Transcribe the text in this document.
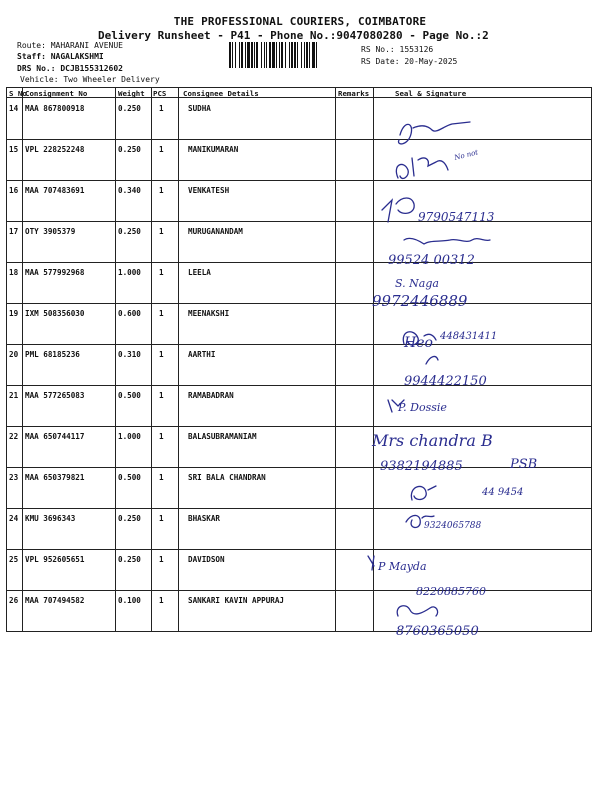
THE PROFESSIONAL COURIERS, COIMBATORE
Delivery Runsheet - P41 - Phone No.:9047080280 - Page No.:2
Route: MAHARANI AVENUE
Staff: NAGALAKSHMI
DRS No.: DCJB155312602
Vehicle: Two Wheeler Delivery
RS No.: 1553126
RS Date: 20-May-2025
S No
Consignment No	Weight PCS Consignee Details	Remarks	Seal & Signature
14 MAA 867800918	0.250 1	SUDHA
15 VPL 228252248	0.250 1	MANIKUMARAN
16 MAA 707483691	0.340 1	VENKATESH
17 OTY 3905379	0.250 1	MURUGANANDAM
18 MAA 577992968	1.000 1	LEELA
19 IXM 508356030	0.600 1	MEENAKSHI
20 PML 68185236	0.310 1	AARTHI
21 MAA 577265083	0.500 1	RAMABADRAN
22 MAA 650744117	1.000 1	BALASUBRAMANIAM
23 MAA 650379821	0.500 1	SRI BALA CHANDRAN
24 KMU 3696343	0.250 1	BHASKAR
25 VPL 952605651	0.250 1	DAVIDSON
26 MAA 707494582	0.100 1	SANKARI KAVIN APPURAJ
No not
9790547113
99524 00312
S. Naga
9972446889
Heo 448431411
9944422150
P. Dossie
Mrs chandra B
9382194885	PSB
44 9454
9324065788
P Mayda
8220885760
8760365050
